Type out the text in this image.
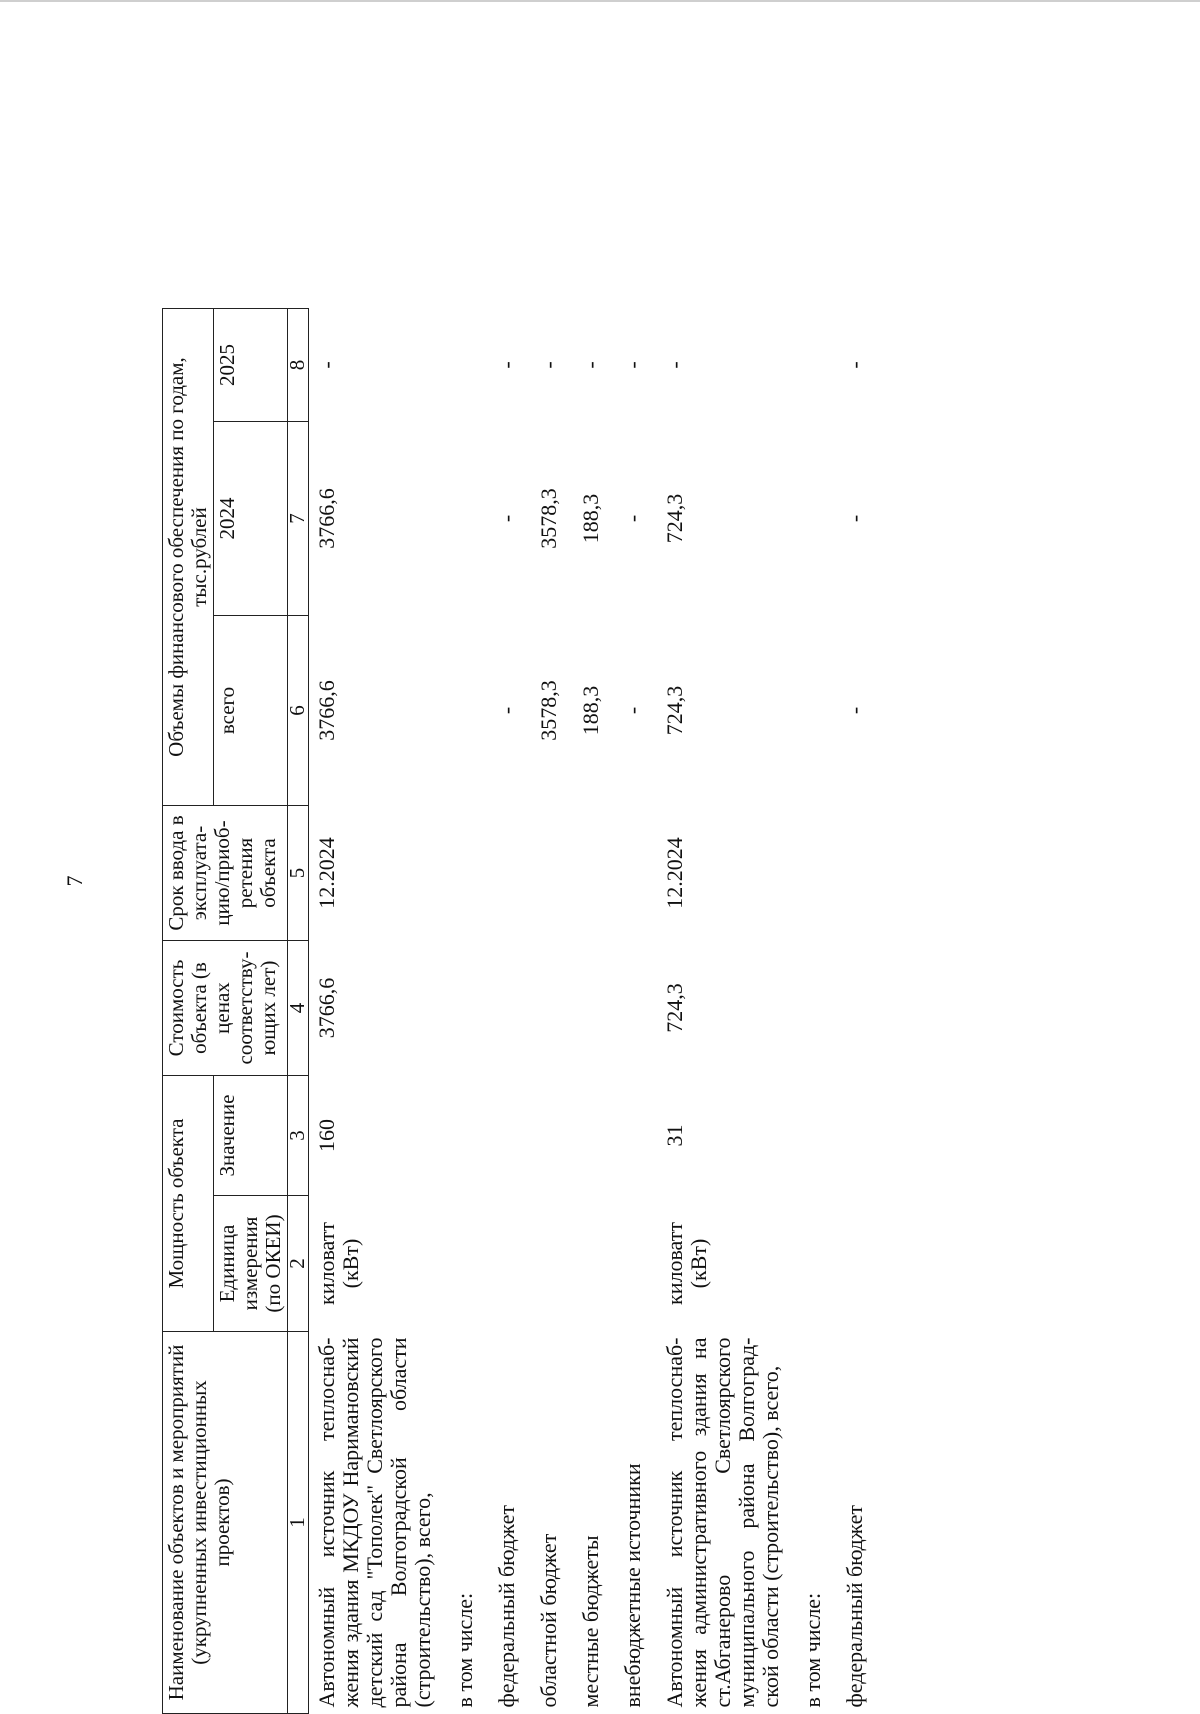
7
Наименование объектов и мероприятий (укрупненных инвестиционных проектов)	Мощность объекта		Стоимость объекта (в ценах соответству-ющих лет)	Срок ввода в эксплуата-цию/приоб-ретения объекта	Объемы финансового обеспечения по годам, тыс.рублей		
	Единица измерения (по ОКЕИ)	Значение			всего	2024	2025
1	2	3	4	5	6	7	8
Автономный источник теплоснаб-жения здания МКДОУ Наримановский детский сад "Тополек" Светлоярского района Волгоградской области (строительство), всего,	киловатт (кВт)	160	3766,6	12.2024	3766,6	3766,6	-
в том числе:							
федеральный бюджет					-	-	-
областной бюджет					3578,3	3578,3	-
местные бюджеты					188,3	188,3	-
внебюджетные источники					-	-	-
Автономный источник теплоснаб-жения административного здания на ст.Абганерово Светлоярского муниципального района Волгоград-ской области (строительство), всего,	киловатт (кВт)	31	724,3	12.2024	724,3	724,3	-
в том числе:							
федеральный бюджет					-	-	-
